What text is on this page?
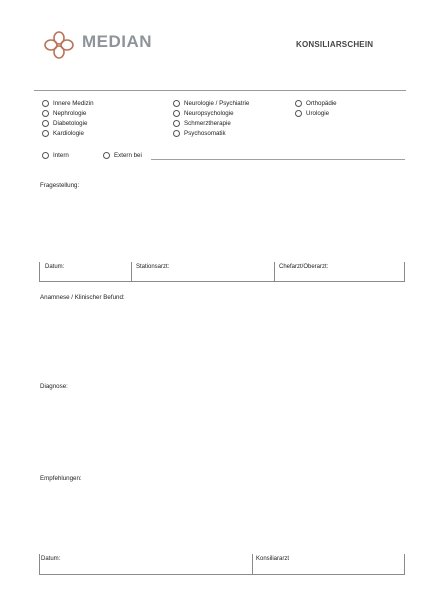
MEDIAN	KONSILIARSCHEIN
Innere Medizin
Nephrologie
Diabetologie
Kardiologie
Neurologie / Psychiatrie
Neuropsychologie
Schmerztherapie
Psychosomatik
Orthopädie
Urologie
Intern	Extern bei
Fragestellung:
Datum:	Stationsarzt:	Chefarzt/Oberarzt:
Anamnese / Klinischer Befund:
Diagnose:
Empfehlungen:
Datum:	Konsiliararzt
